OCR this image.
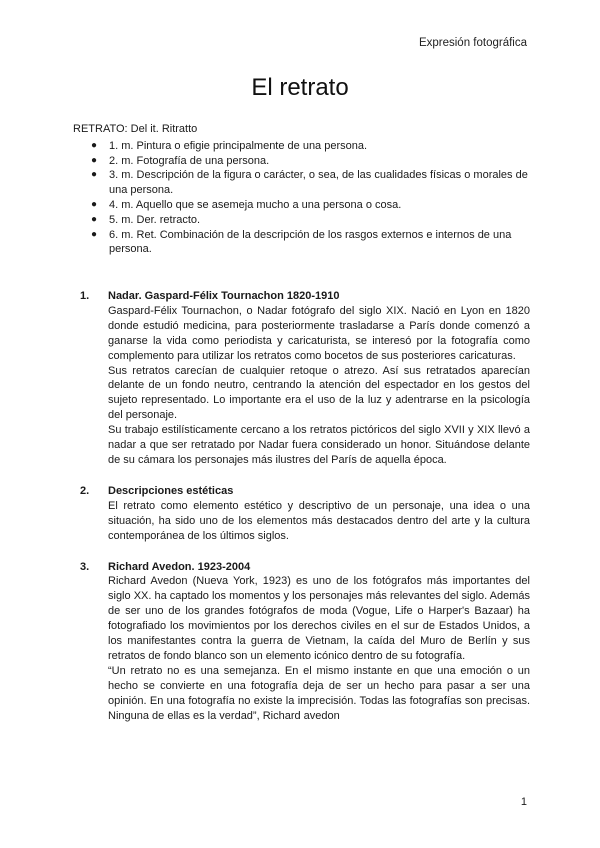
Expresión fotográfica
El retrato

RETRATO: Del it. Ritratto

● 1. m. Pintura o efigie principalmente de una persona.
● 2. m. Fotografía de una persona.
● 3. m. Descripción de la figura o carácter, o sea, de las cualidades físicas o morales de una persona.
● 4. m. Aquello que se asemeja mucho a una persona o cosa.
● 5. m. Der. retracto.
● 6. m. Ret. Combinación de la descripción de los rasgos externos e internos de una persona.
1. Nadar. Gaspard-Félix Tournachon 1820-1910

Gaspard-Félix Tournachon, o Nadar fotógrafo del siglo XIX. Nació en Lyon en 1820 donde estudió medicina, para posteriormente trasladarse a París donde comenzó a ganarse la vida como periodista y caricaturista, se interesó por la fotografía como complemento para utilizar los retratos como bocetos de sus posteriores caricaturas.

Sus retratos carecían de cualquier retoque o atrezo. Así sus retratados aparecían delante de un fondo neutro, centrando la atención del espectador en los gestos del sujeto representado. Lo importante era el uso de la luz y adentrarse en la psicología del personaje.

Su trabajo estilísticamente cercano a los retratos pictóricos del siglo XVII y XIX llevó a nadar a que ser retratado por Nadar fuera considerado un honor. Situándose delante de su cámara los personajes más ilustres del París de aquella época.

2. Descripciones estéticas

El retrato como elemento estético y descriptivo de un personaje, una idea o una situación, ha sido uno de los elementos más destacados dentro del arte y la cultura contemporánea de los últimos siglos.

3. Richard Avedon. 1923-2004

Richard Avedon (Nueva York, 1923) es uno de los fotógrafos más importantes del siglo XX. ha captado los momentos y los personajes más relevantes del siglo. Además de ser uno de los grandes fotógrafos de moda (Vogue, Life o Harper's Bazaar) ha fotografiado los movimientos por los derechos civiles en el sur de Estados Unidos, a los manifestantes contra la guerra de Vietnam, la caída del Muro de Berlín y sus retratos de fondo blanco son un elemento icónico dentro de su fotografía.

“Un retrato no es una semejanza. En el mismo instante en que una emoción o un hecho se convierte en una fotografía deja de ser un hecho para pasar a ser una opinión. En una fotografía no existe la imprecisión. Todas las fotografías son precisas. Ninguna de ellas es la verdad”, Richard avedon

1
